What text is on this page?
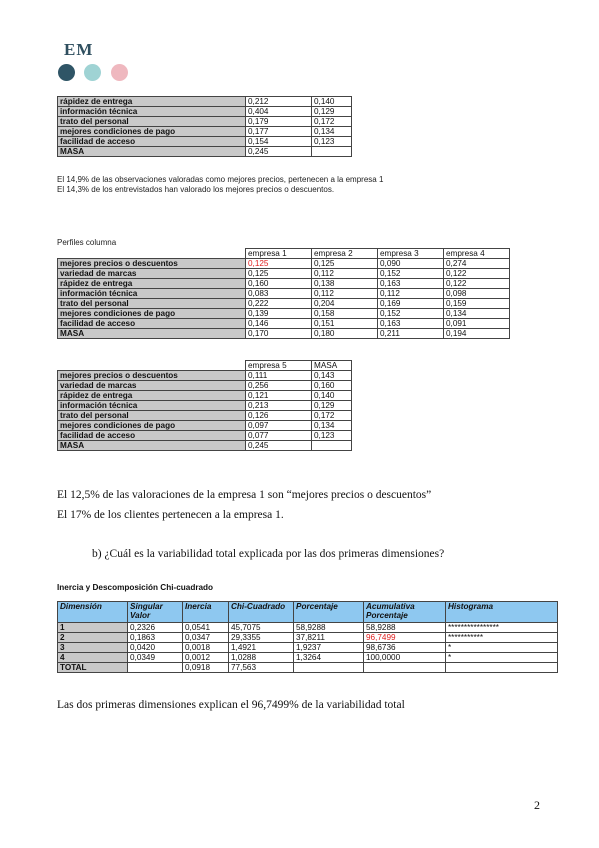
EM
rápidez de entrega	0,212	0,140
información técnica	0,404	0,129
trato del personal	0,179	0,172
mejores condiciones de pago	0,177	0,134
facilidad de acceso	0,154	0,123
MASA	0,245	
El 14,9% de las observaciones valoradas como mejores precios, pertenecen a la empresa 1
El 14,3% de los entrevistados han valorado los mejores precios o descuentos.
Perfiles columna
	empresa 1	empresa 2	empresa 3	empresa 4
mejores precios o descuentos	0,125	0,125	0,090	0,274
variedad de marcas	0,125	0,112	0,152	0,122
rápidez de entrega	0,160	0,138	0,163	0,122
información técnica	0,083	0,112	0,112	0,098
trato del personal	0,222	0,204	0,169	0,159
mejores condiciones de pago	0,139	0,158	0,152	0,134
facilidad de acceso	0,146	0,151	0,163	0,091
MASA	0,170	0,180	0,211	0,194
	empresa 5	MASA
mejores precios o descuentos	0,111	0,143
variedad de marcas	0,256	0,160
rápidez de entrega	0,121	0,140
información técnica	0,213	0,129
trato del personal	0,126	0,172
mejores condiciones de pago	0,097	0,134
facilidad de acceso	0,077	0,123
MASA	0,245	
El 12,5% de las valoraciones de la empresa 1 son “mejores precios o descuentos”
El 17% de los clientes pertenecen a la empresa 1.
b) ¿Cuál es la variabilidad total explicada por las dos primeras dimensiones?
Inercia y Descomposición Chi-cuadrado
Dimensión	Singular Valor	Inercia	Chi-Cuadrado	Porcentaje	Acumulativa Porcentaje	Histograma
1	0,2326	0,0541	45,7075	58,9288	58,9288	****************
2	0,1863	0,0347	29,3355	37,8211	96,7499	***********
3	0,0420	0,0018	1,4921	1,9237	98,6736	*
4	0,0349	0,0012	1,0288	1,3264	100,0000	*
TOTAL		0,0918	77,563			
Las dos primeras dimensiones explican el 96,7499% de la variabilidad total
2
